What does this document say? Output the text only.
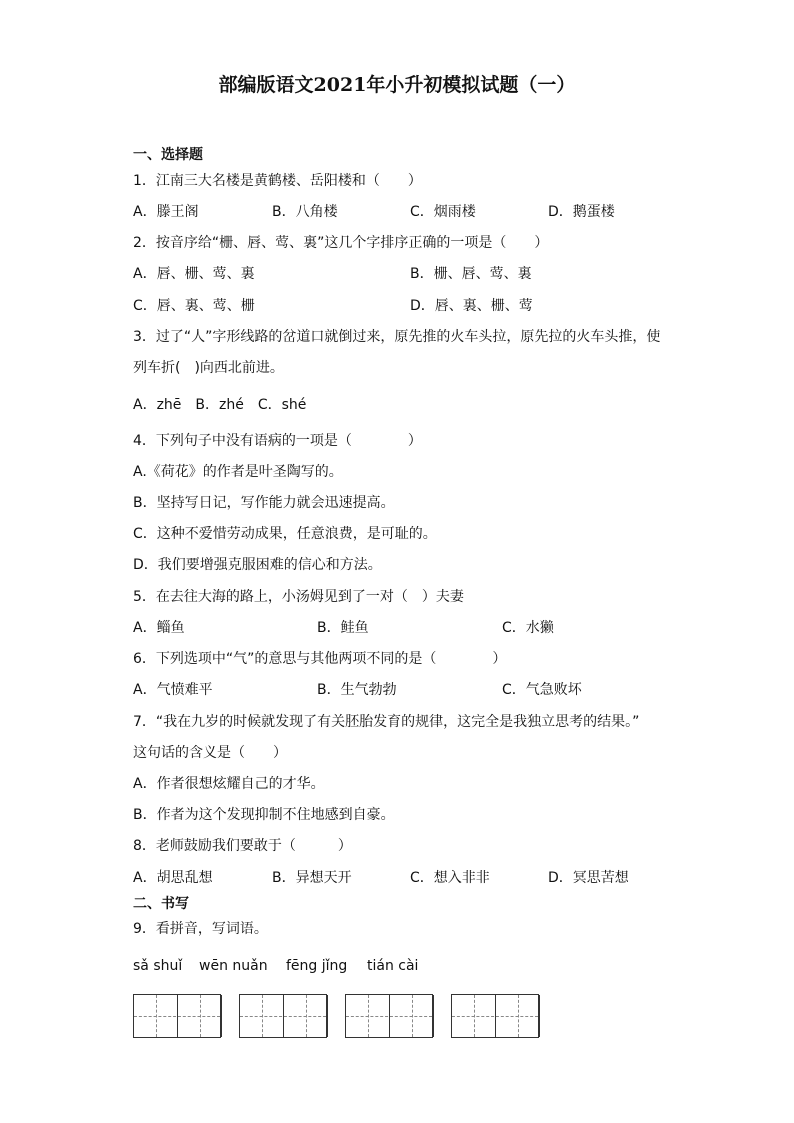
部编版语文2021年小升初模拟试题（一）
一、选择题
1．江南三大名楼是黄鹤楼、岳阳楼和（　　）
A．滕王阁	B．八角楼	C．烟雨楼	D．鹅蛋楼
2．按音序给“栅、唇、莺、裏”这几个字排序正确的一项是（　　）
A．唇、栅、莺、裏	B．栅、唇、莺、裏
C．唇、裏、莺、栅	D．唇、裏、栅、莺
3．过了“人”字形线路的岔道口就倒过来，原先推的火车头拉，原先拉的火车头推，使
列车折(　)向西北前进。
A．zhē　B．zhé　C．shé
4．下列句子中没有语病的一项是（　　　　）
A.《荷花》的作者是叶圣陶写的。
B．坚持写日记，写作能力就会迅速提高。
C．这种不爱惜劳动成果，任意浪费，是可耻的。
D．我们要增强克服困难的信心和方法。
5．在去往大海的路上，小汤姆见到了一对（　）夫妻
A．鲻鱼	B．鲑鱼	C．水獭
6．下列选项中“气”的意思与其他两项不同的是（　　　　）
A．气愤难平	B．生气勃勃	C．气急败坏
7．“我在九岁的时候就发现了有关胚胎发育的规律，这完全是我独立思考的结果。”
这句话的含义是（　　）
A．作者很想炫耀自己的才华。
B．作者为这个发现抑制不住地感到自豪。
8．老师鼓励我们要敢于（　　　）
A．胡思乱想	B．异想天开	C．想入非非	D．冥思苦想
二、书写
9．看拼音，写词语。
sǎ shuǐ wēn nuǎn fēng jǐng tián cài
